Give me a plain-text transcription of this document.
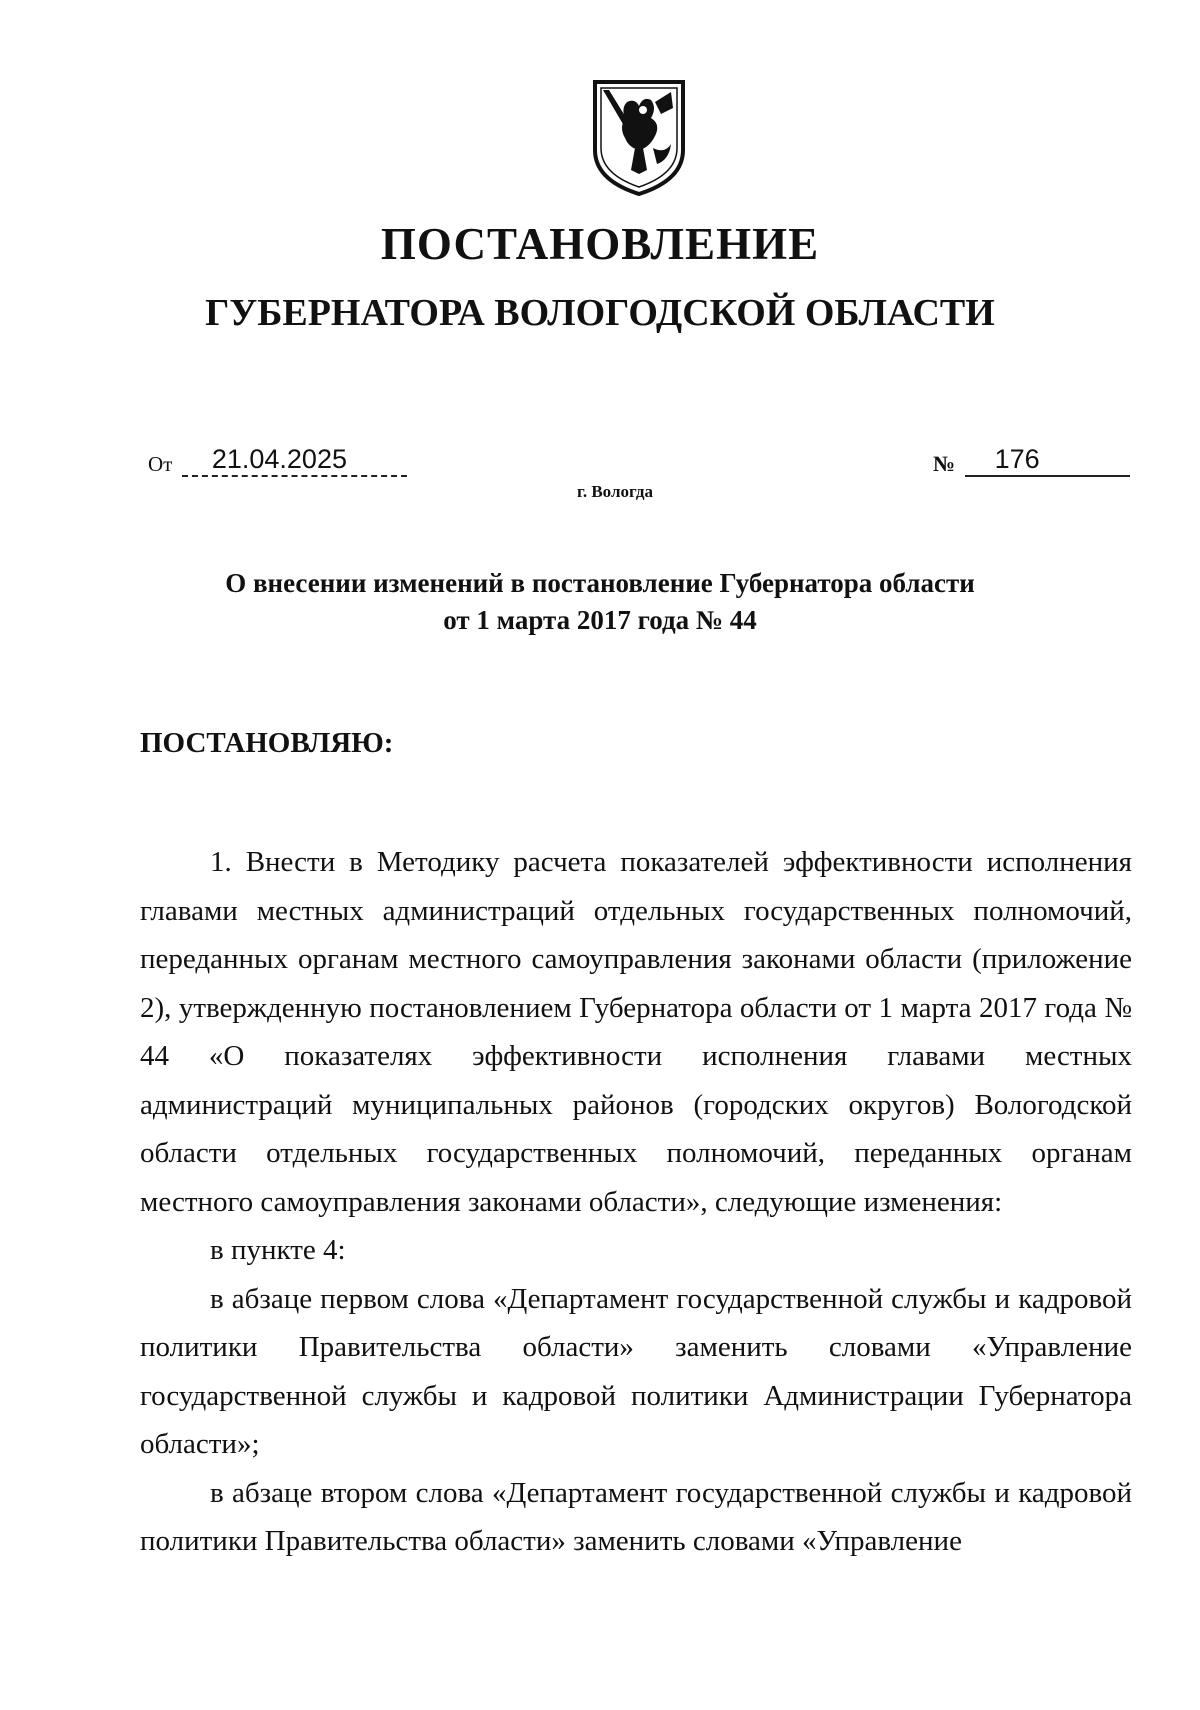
ПОСТАНОВЛЕНИЕ
ГУБЕРНАТОРА ВОЛОГОДСКОЙ ОБЛАСТИ
От 21.04.2025	№ 176
г. Вологда
О внесении изменений в постановление Губернатора области
от 1 марта 2017 года № 44
ПОСТАНОВЛЯЮ:

1. Внести в Методику расчета показателей эффективности исполнения главами местных администраций отдельных государственных полномочий, переданных органам местного самоуправления законами области (приложение 2), утвержденную постановлением Губернатора области от 1 марта 2017 года № 44 «О показателях эффективности исполнения главами местных администраций муниципальных районов (городских округов) Вологодской области отдельных государственных полномочий, переданных органам местного самоуправления законами области», следующие изменения:

в пункте 4:

в абзаце первом слова «Департамент государственной службы и кадровой политики Правительства области» заменить словами «Управление государственной службы и кадровой политики Администрации Губернатора области»;

в абзаце втором слова «Департамент государственной службы и кадровой политики Правительства области» заменить словами «Управление
